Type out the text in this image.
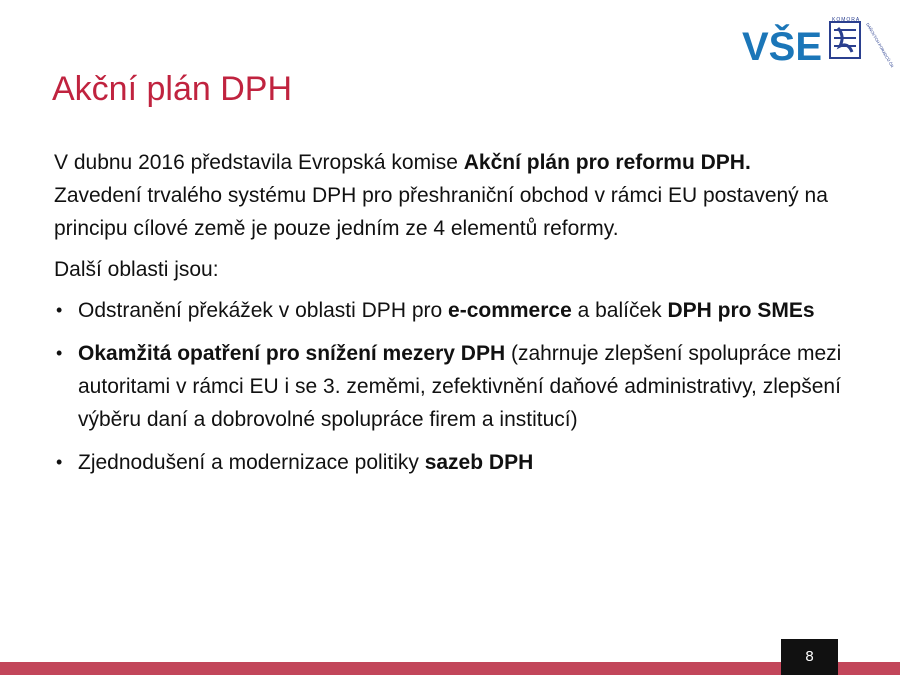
VŠE
KOMORA
DAŇOVÝCH PORADCŮ ČR
Akční plán DPH

V dubnu 2016 představila Evropská komise Akční plán pro reformu DPH. Zavedení trvalého systému DPH pro přeshraniční obchod v rámci EU postavený na principu cílové země je pouze jedním ze 4 elementů reformy.

Další oblasti jsou:

• Odstranění překážek v oblasti DPH pro e-commerce a balíček DPH pro SMEs
• Okamžitá opatření pro snížení mezery DPH (zahrnuje zlepšení spolupráce mezi autoritami v rámci EU i se 3. zeměmi, zefektivnění daňové administrativy, zlepšení výběru daní a dobrovolné spolupráce firem a institucí)
• Zjednodušení a modernizace politiky sazeb DPH
8
